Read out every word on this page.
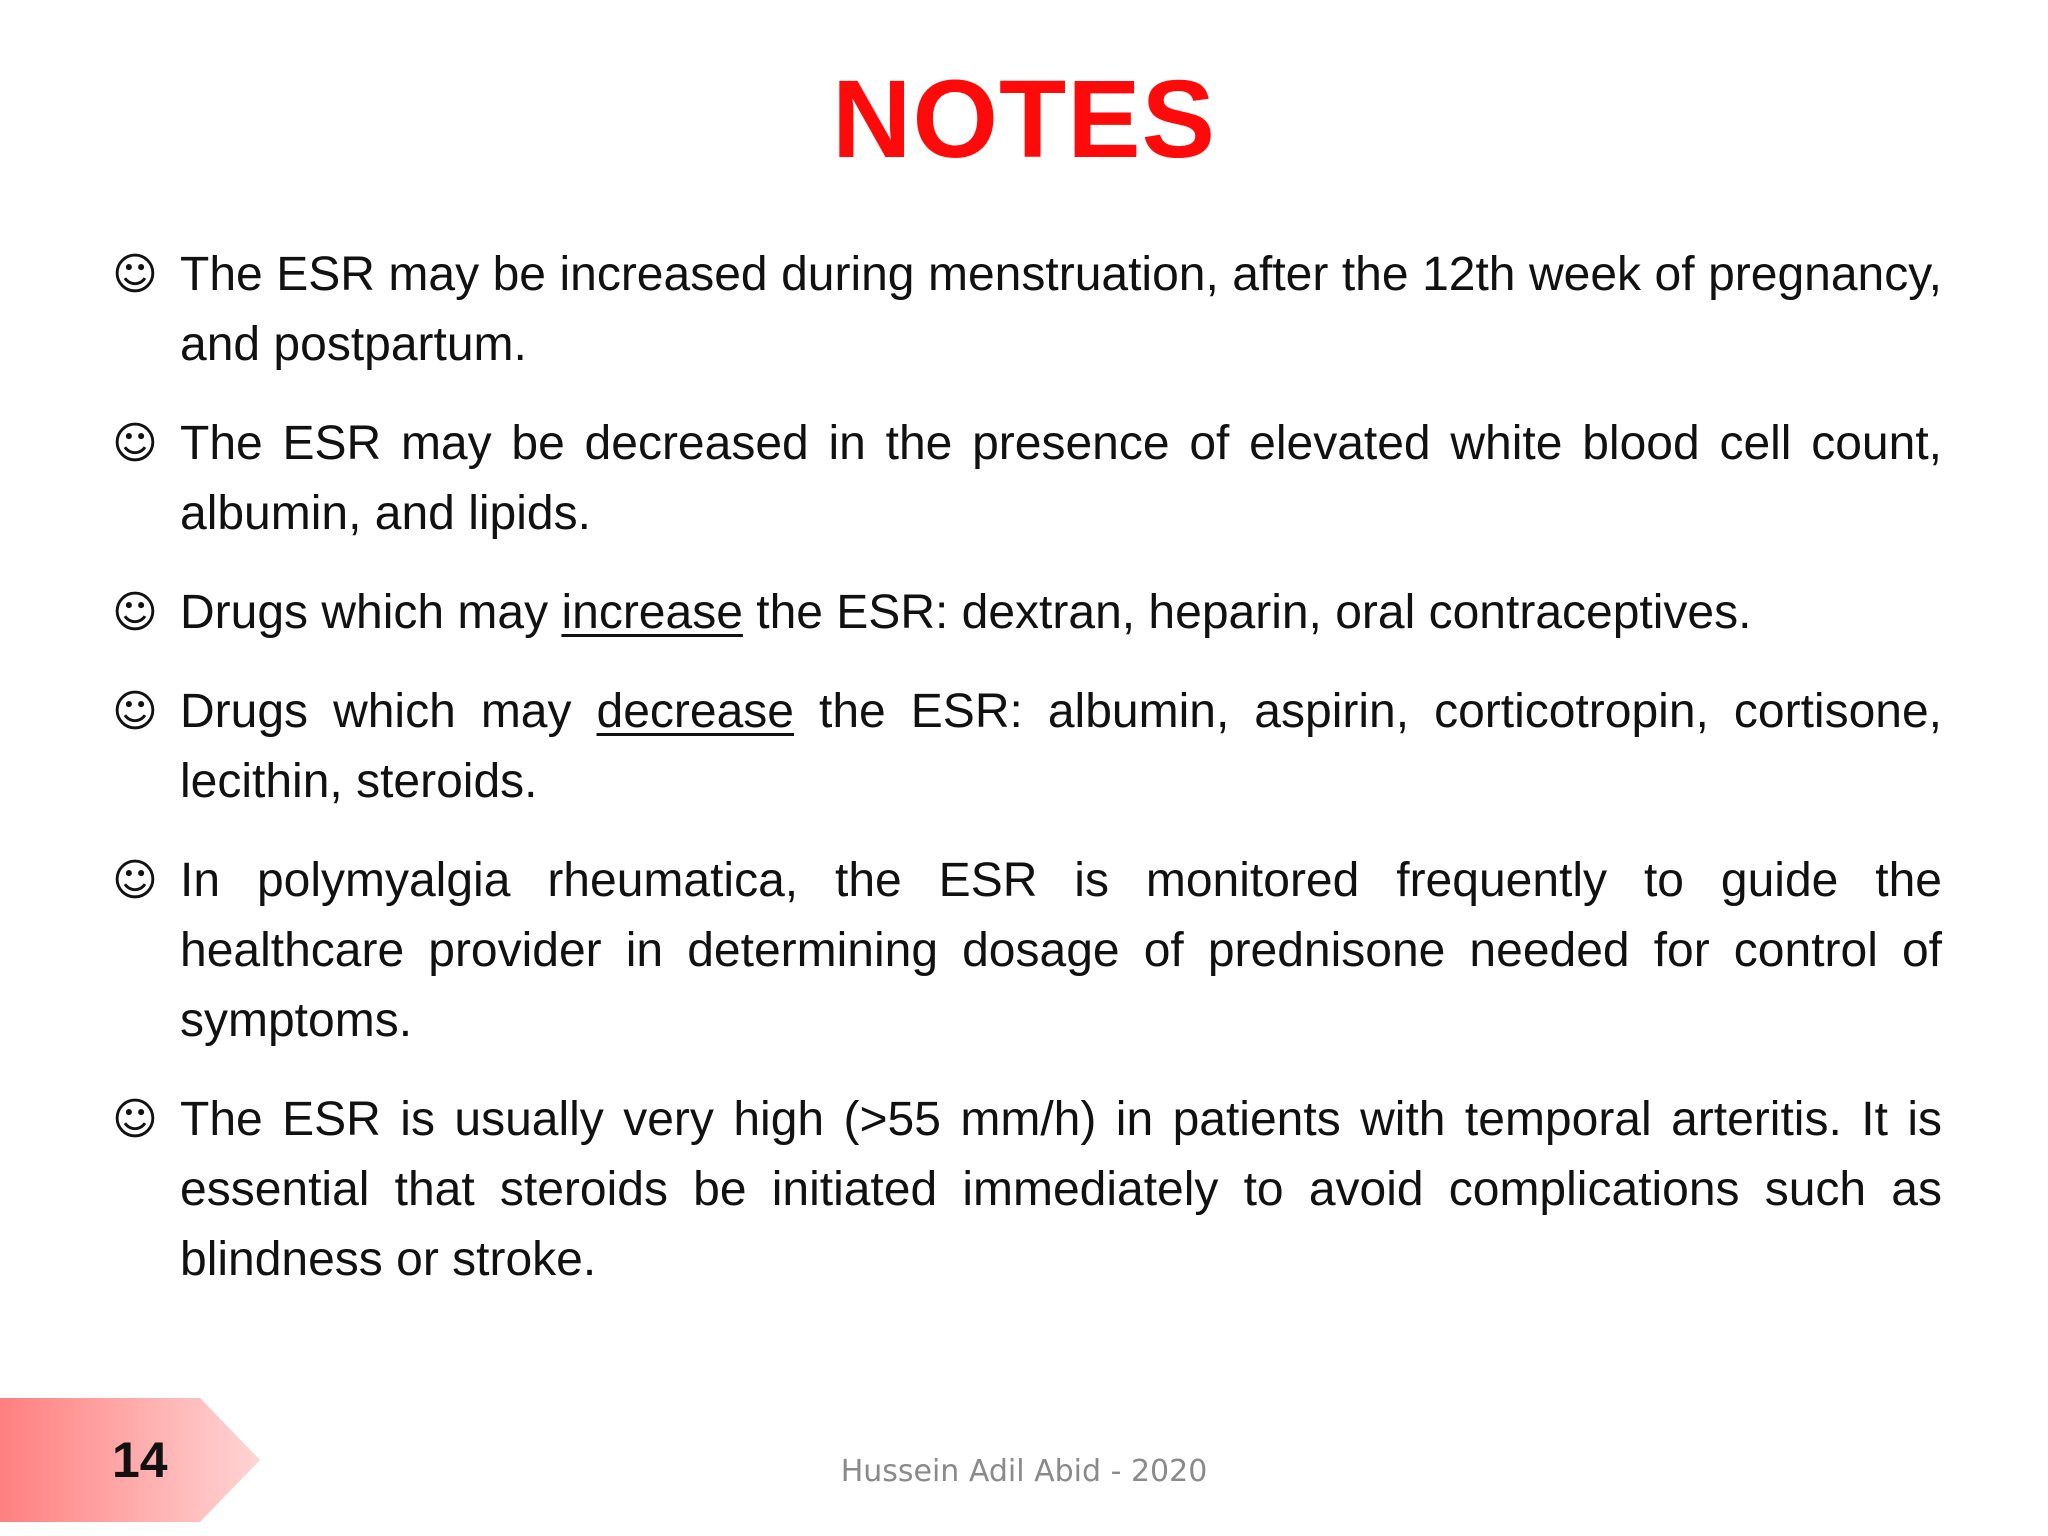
NOTES
☺ The ESR may be increased during menstruation, after the 12th week of pregnancy, and postpartum.
☺ The ESR may be decreased in the presence of elevated white blood cell count, albumin, and lipids.
☺ Drugs which may increase the ESR: dextran, heparin, oral contraceptives.
☺ Drugs which may decrease the ESR: albumin, aspirin, corticotropin, cortisone, lecithin, steroids.
☺ In polymyalgia rheumatica, the ESR is monitored frequently to guide the healthcare provider in determining dosage of prednisone needed for control of symptoms.
☺ The ESR is usually very high (>55 mm/h) in patients with temporal arteritis. It is essential that steroids be initiated immediately to avoid complications such as blindness or stroke.
14	Hussein Adil Abid - 2020
